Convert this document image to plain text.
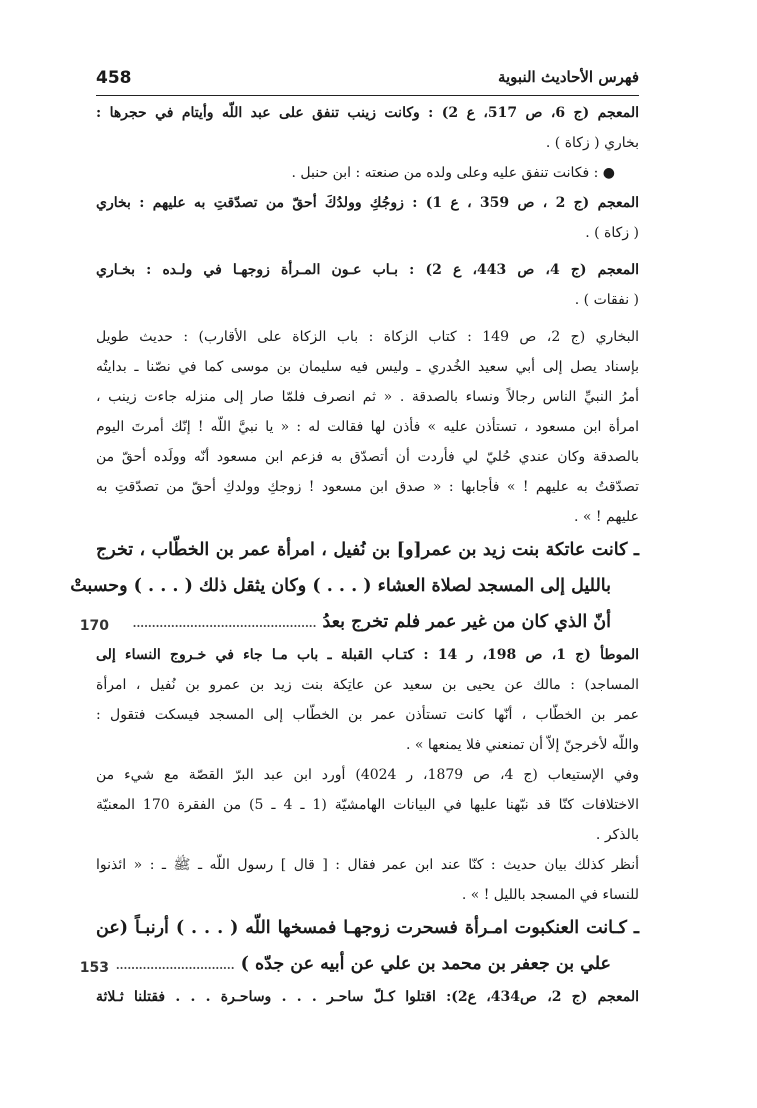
458	فهرس الأحاديث النبوية
المعجم (ج 6، ص 517، ع 2) : وكانت زينب تنفق على عبد اللّه وأيتام في حجرها :
بخاري ( زكاة ) .
● : فكانت تنفق عليه وعلى ولده من صنعته : ابن حنبل .
المعجم (ج 2 ، ص 359 ، ع 1) : زوجُكِ وولدُكَ أحقّ من تصدّقتِ به عليهم : بخاري
( زكاة ) .
المعجم (ج 4، ص 443، ع 2) : بـاب عـون المـرأة زوجهـا في ولـده : بخـاري
( نفقات ) .
البخاري (ج 2، ص 149 : كتاب الزكاة : باب الزكاة على الأقارب) : حديث طويل
بإسناد يصل إلى أبي سعيد الخُدري ـ وليس فيه سليمان بن موسى كما في نصّنا ـ بدايتُه
أمرُ النبيِّ الناس رجالاً ونساء بالصدقة . « ثم انصرف فلمّا صار إلى منزله جاءت زينب ،
امرأة ابن مسعود ، تستأذن عليه » فأذن لها فقالت له : « يا نبيَّ اللّه ! إنّك أمرتَ اليوم
بالصدقة وكان عندي حُليّ لي فأردت أن أتصدّق به فزعم ابن مسعود أنّه وولَده أحقّ من
تصدّقتُ به عليهم ! » فأجابها : « صدق ابن مسعود ! زوجكِ وولدكِ أحقّ من تصدّقتِ به
عليهم ! » .
ـ كانت عاتكة بنت زيد بن عمر[و] بن نُفيل ، امرأة عمر بن الخطّاب ، تخرج
بالليل إلى المسجد لصلاة العشاء ( . . . ) وكان يثقل ذلك ( . . . ) وحسبتْ
أنّ الذي كان من غير عمر فلم تخرج بعدُ ................................................
170
الموطأ (ج 1، ص 198، ر 14 : كتـاب القبلة ـ باب مـا جاء في خـروج النساء إلى
المساجد) : مالك عن يحيى بن سعيد عن عاتِكة بنت زيد بن عمرو بن نُفيل ، امرأة
عمر بن الخطّاب ، أنّها كانت تستأذن عمر بن الخطّاب إلى المسجد فيسكت فتقول :
واللّه لأخرجنّ إلاّ أن تمنعني فلا يمنعها » .
وفي الإستيعاب (ج 4، ص 1879، ر 4024) أورد ابن عبد البرّ القصّة مع شيء من
الاختلافات كنّا قد نبّهنا عليها في البيانات الهامشيّة (1 ـ 4 ـ 5) من الفقرة 170 المعنيّة
بالذكر .
أنظر كذلك بيان حديث : كنّا عند ابن عمر فقال : [ قال ] رسول اللّه ـ ﷺ ـ : « ائذنوا
للنساء في المسجد بالليل ! » .
ـ كـانت العنكبوت امـرأة فسحرت زوجهـا فمسخها اللّه ( . . . ) أرنبـاً (عن
علي بن جعفر بن محمد بن علي عن أبيه عن جدّه ) ...............................
153
المعجم (ج 2، ص434، ع2): اقتلوا كـلّ ساحـر . . . وساحـرة . . . فقتلنا ثـلاثة
